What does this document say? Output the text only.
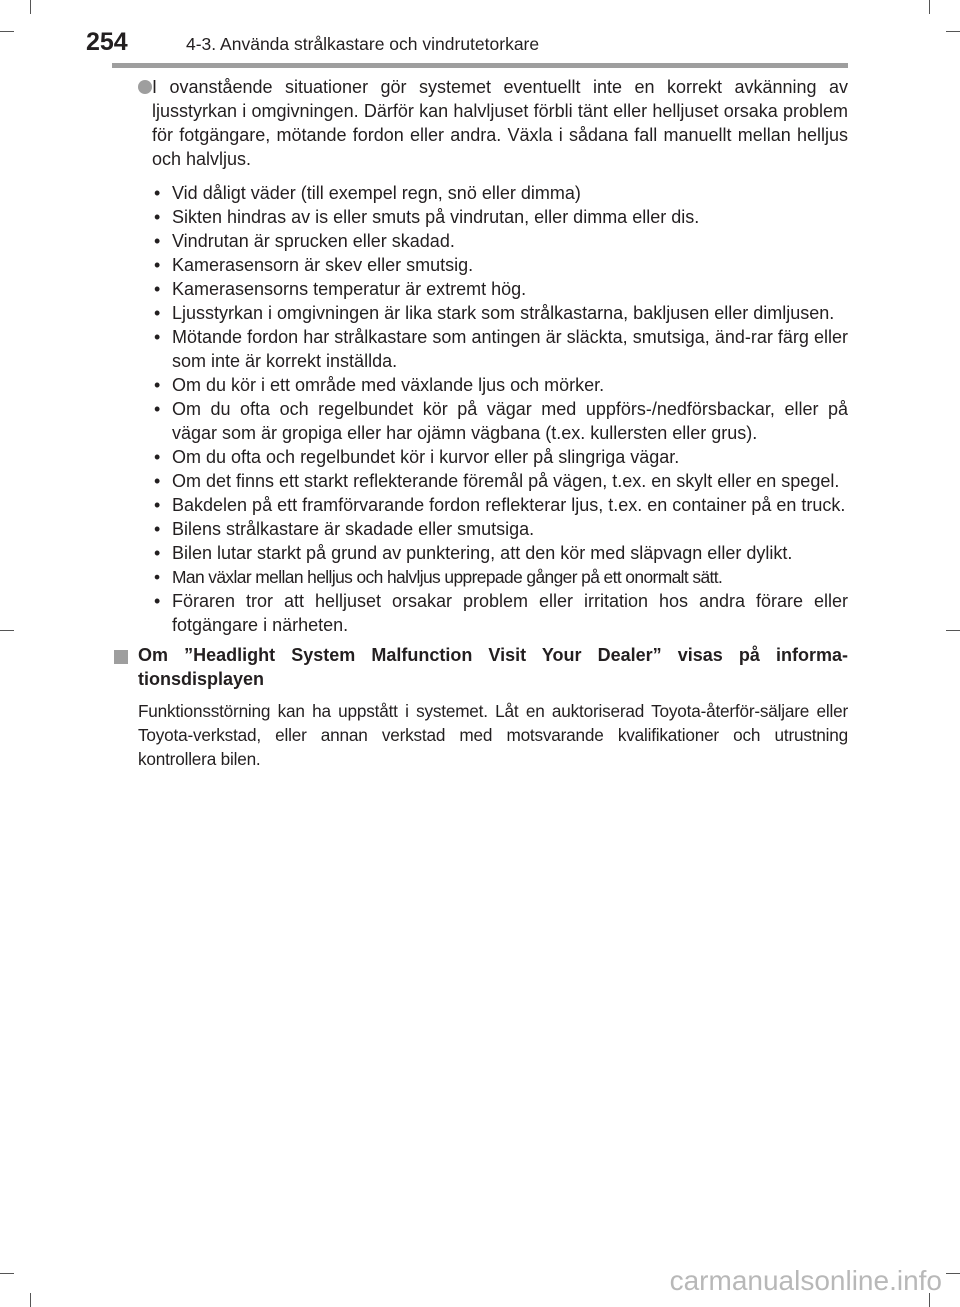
254	4-3. Använda strålkastare och vindrutetorkare
I ovanstående situationer gör systemet eventuellt inte en korrekt avkänning av ljusstyrkan i omgivningen. Därför kan halvljuset förbli tänt eller helljuset orsaka problem för fotgängare, mötande fordon eller andra. Växla i sådana fall manuellt mellan helljus och halvljus.
• Vid dåligt väder (till exempel regn, snö eller dimma)
• Sikten hindras av is eller smuts på vindrutan, eller dimma eller dis.
• Vindrutan är sprucken eller skadad.
• Kamerasensorn är skev eller smutsig.
• Kamerasensorns temperatur är extremt hög.
• Ljusstyrkan i omgivningen är lika stark som strålkastarna, bakljusen eller dimljusen.
• Mötande fordon har strålkastare som antingen är släckta, smutsiga, änd-rar färg eller som inte är korrekt inställda.
• Om du kör i ett område med växlande ljus och mörker.
• Om du ofta och regelbundet kör på vägar med uppförs-/nedförsbackar, eller på vägar som är gropiga eller har ojämn vägbana (t.ex. kullersten eller grus).
• Om du ofta och regelbundet kör i kurvor eller på slingriga vägar.
• Om det finns ett starkt reflekterande föremål på vägen, t.ex. en skylt eller en spegel.
• Bakdelen på ett framförvarande fordon reflekterar ljus, t.ex. en container på en truck.
• Bilens strålkastare är skadade eller smutsiga.
• Bilen lutar starkt på grund av punktering, att den kör med släpvagn eller dylikt.
• Man växlar mellan helljus och halvljus upprepade gånger på ett onormalt sätt.
• Föraren tror att helljuset orsakar problem eller irritation hos andra förare eller fotgängare i närheten.
Om ”Headlight System Malfunction Visit Your Dealer” visas på informa-tionsdisplayen
Funktionsstörning kan ha uppstått i systemet. Låt en auktoriserad Toyota-återför-säljare eller Toyota-verkstad, eller annan verkstad med motsvarande kvalifikationer och utrustning kontrollera bilen.
carmanualsonline.info
